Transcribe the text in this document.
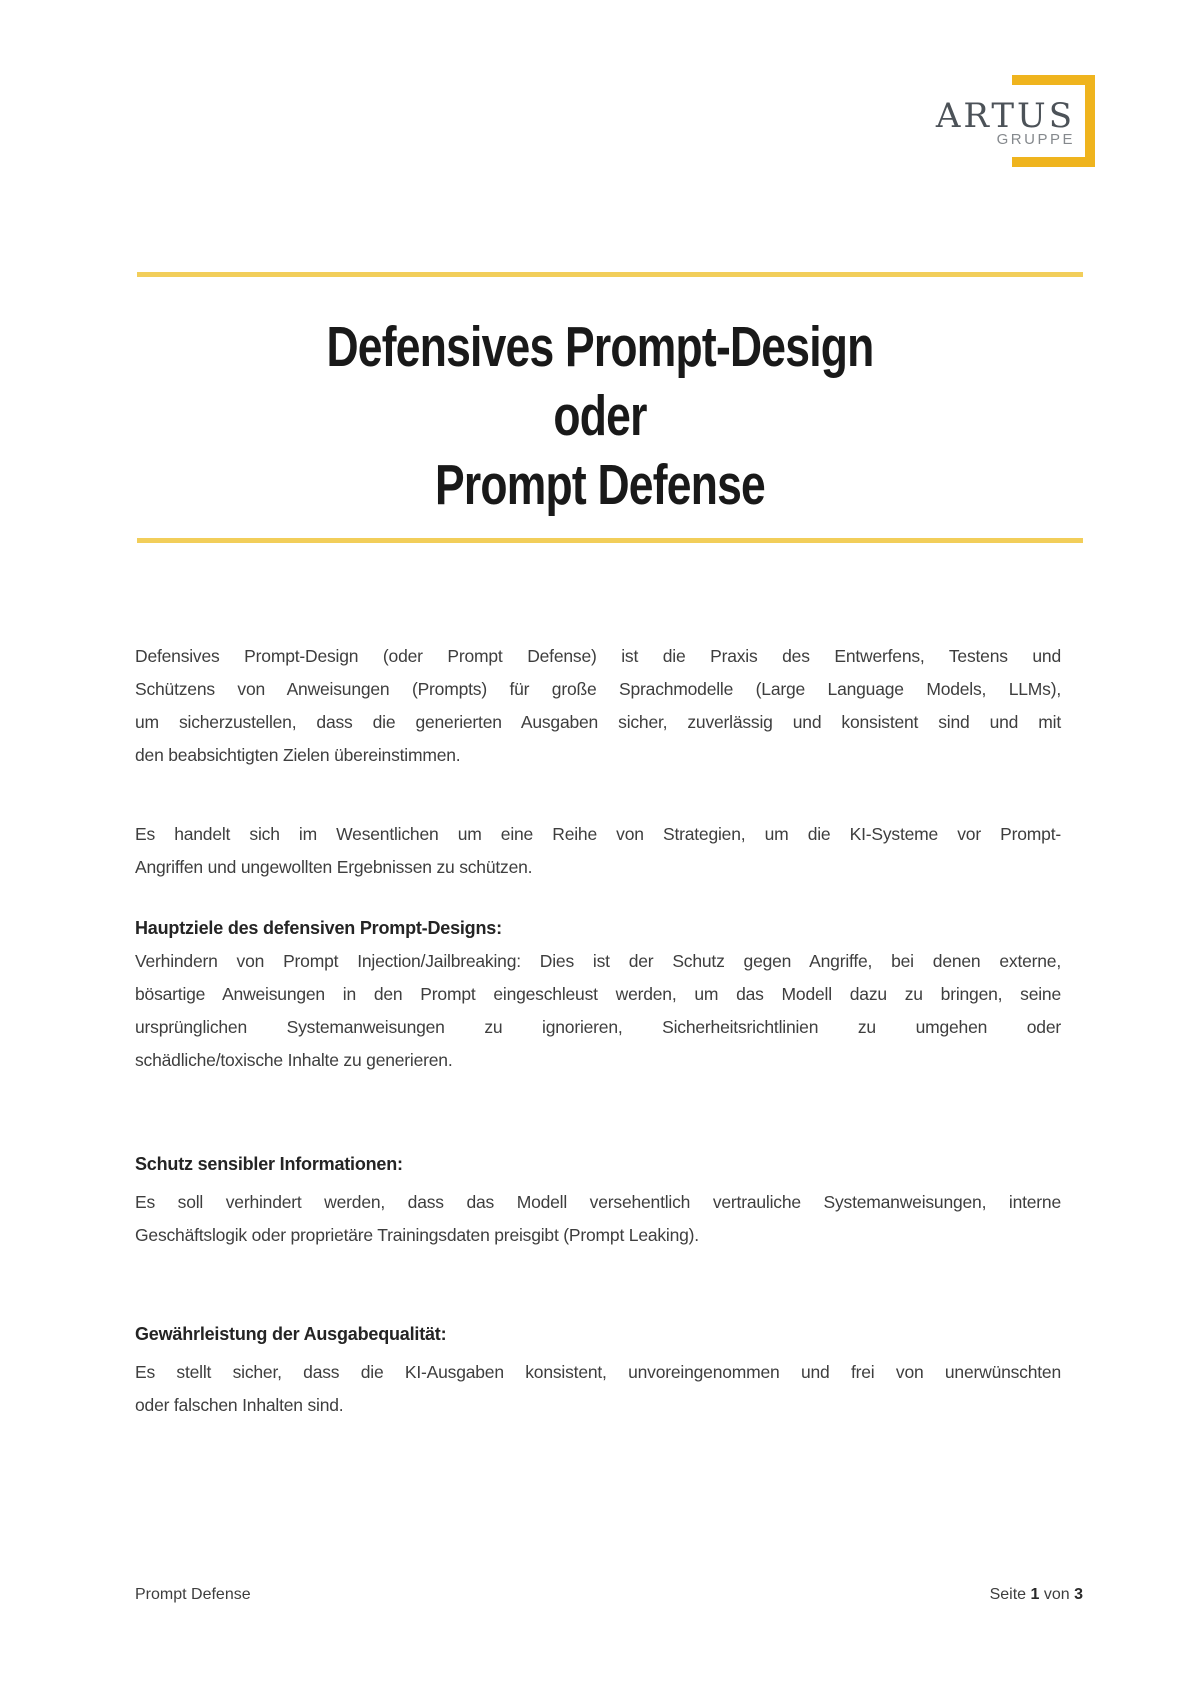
ARTUS
GRUPPE
Defensives Prompt-Design
oder
Prompt Defense
Defensives Prompt-Design (oder Prompt Defense) ist die Praxis des Entwerfens, Testens und
Schützens von Anweisungen (Prompts) für große Sprachmodelle (Large Language Models, LLMs),
um sicherzustellen, dass die generierten Ausgaben sicher, zuverlässig und konsistent sind und mit
den beabsichtigten Zielen übereinstimmen.
Es handelt sich im Wesentlichen um eine Reihe von Strategien, um die KI-Systeme vor Prompt-
Angriffen und ungewollten Ergebnissen zu schützen.
Hauptziele des defensiven Prompt-Designs:
Verhindern von Prompt Injection/Jailbreaking: Dies ist der Schutz gegen Angriffe, bei denen externe,
bösartige Anweisungen in den Prompt eingeschleust werden, um das Modell dazu zu bringen, seine
ursprünglichen Systemanweisungen zu ignorieren, Sicherheitsrichtlinien zu umgehen oder
schädliche/toxische Inhalte zu generieren.
Schutz sensibler Informationen:
Es soll verhindert werden, dass das Modell versehentlich vertrauliche Systemanweisungen, interne
Geschäftslogik oder proprietäre Trainingsdaten preisgibt (Prompt Leaking).
Gewährleistung der Ausgabequalität:
Es stellt sicher, dass die KI-Ausgaben konsistent, unvoreingenommen und frei von unerwünschten
oder falschen Inhalten sind.
Prompt Defense	Seite 1 von 3
